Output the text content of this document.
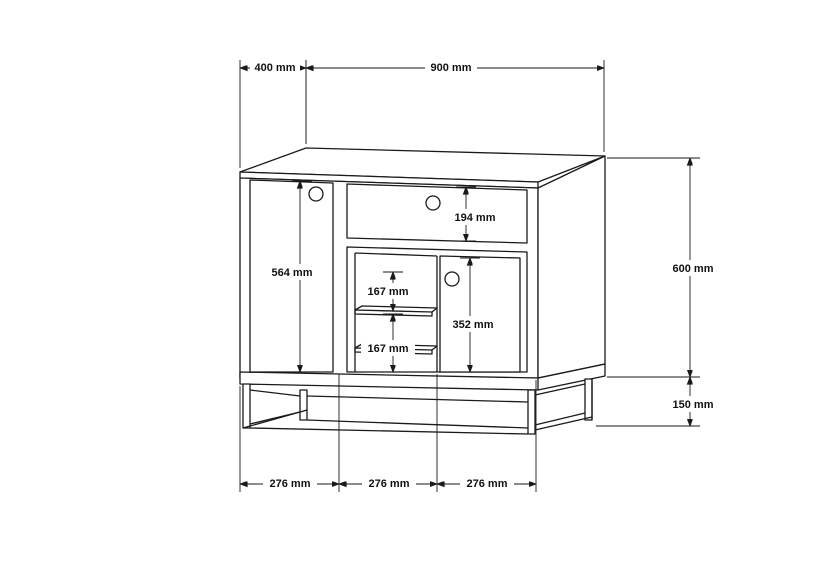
400 mm	900 mm
600 mm
150 mm
564 mm
194 mm
167 mm
167 mm
352 mm
276 mm	276 mm	276 mm
